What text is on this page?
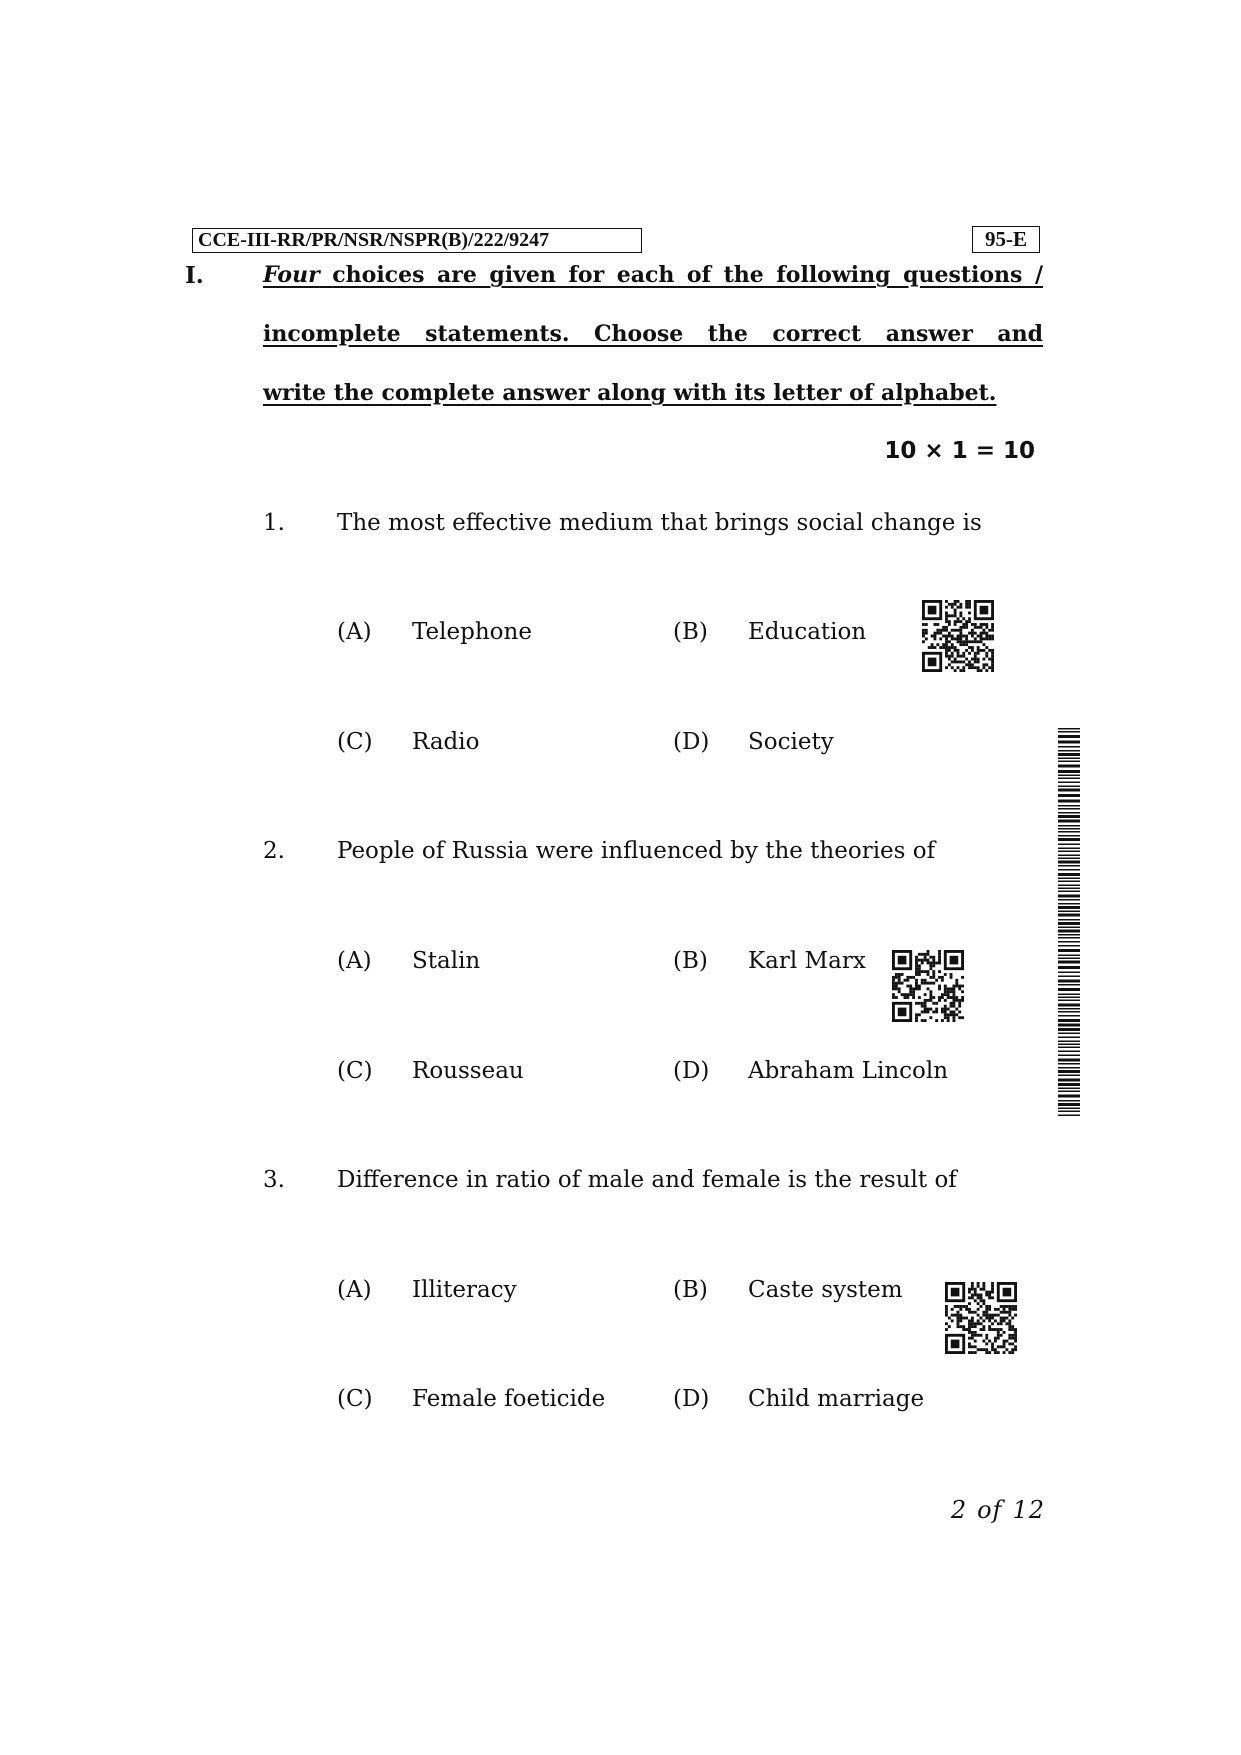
CCE-III-RR/PR/NSR/NSPR(B)/222/9247	95-E
I.	Four choices are given for each of the following questions /
incomplete statements. Choose the correct answer and
write the complete answer along with its letter of alphabet.
10 × 1 = 10
1. The most effective medium that brings social change is
(A) Telephone	(B) Education
(C) Radio	(D) Society
2. People of Russia were influenced by the theories of
(A) Stalin	(B) Karl Marx
(C) Rousseau	(D) Abraham Lincoln
3. Difference in ratio of male and female is the result of
(A) Illiteracy	(B) Caste system
(C) Female foeticide	(D) Child marriage
2 of 12
